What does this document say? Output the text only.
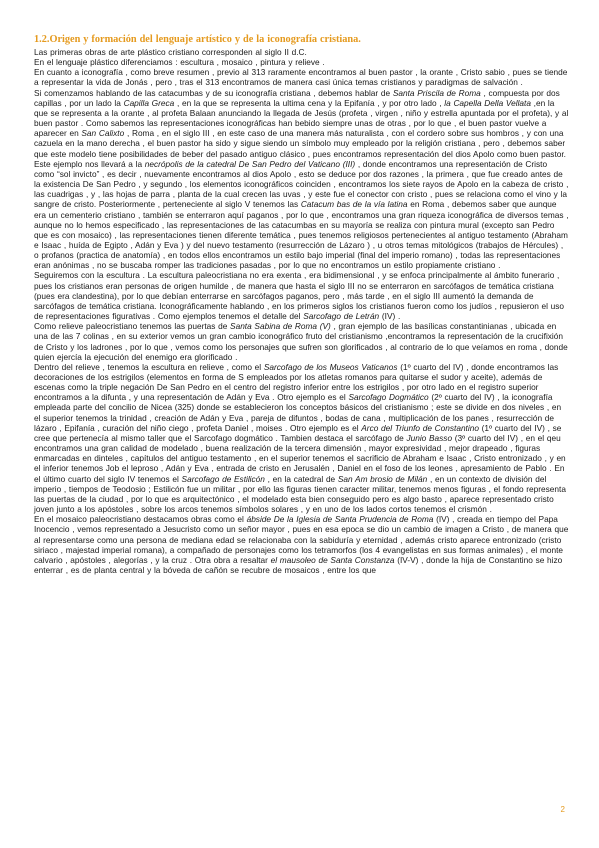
1.2.Origen y formación del lenguaje artístico y de la iconografía cristiana.

Las primeras obras de arte plástico cristiano corresponden al siglo II d.C.

En el lenguaje plástico diferenciamos : escultura , mosaico , pintura y relieve .

En cuanto a iconografía , como breve resumen , previo al 313 raramente encontramos al buen pastor , la orante , Cristo sabio , pues se tiende a representar la vida de Jonás , pero , tras el 313 encontramos de manera casi única temas cristianos y paradigmas de salvación .

Si comenzamos hablando de las catacumbas y de su iconografía cristiana , debemos hablar de Santa Priscila de Roma , compuesta por dos capillas , por un lado la Capilla Greca , en la que se representa la ultima cena y la Epifanía , y por otro lado , la Capella Della Vellata ,en la que se representa a la orante , al profeta Balaan anunciando la llegada de Jesús (profeta , virgen , niño y estrella apuntada por el profeta), y al buen pastor . Como sabemos las representaciones iconográficas han bebido siempre unas de otras , por lo que , el buen pastor vuelve a aparecer en San Calixto , Roma , en el siglo III , en este caso de una manera más naturalista , con el cordero sobre sus hombros , y con una cazuela en la mano derecha , el buen pastor ha sido y sigue siendo un símbolo muy empleado por la religión cristiana , pero , debemos saber que este modelo tiene posibilidades de beber del pasado antiguo clásico , pues encontramos representación del dios Apolo como buen pastor. Este ejemplo nos llevará a la necrópolis de la catedral De San Pedro del Vaticano (III) , donde encontramos una representación de Cristo como “sol invicto” , es decir , nuevamente encontramos al dios Apolo , esto se deduce por dos razones , la primera , que fue creado antes de la existencia De San Pedro , y segundo , los elementos iconográficos coinciden , encontramos los siete rayos de Apolo en la cabeza de cristo , las cuadrigas , y , las hojas de parra , planta de la cual crecen las uvas , y este fue el conector con cristo , pues se relaciona como el vino y la sangre de cristo. Posteriormente , perteneciente al siglo V tenemos las Catacum bas de la vía latina en Roma , debemos saber que aunque era un cementerio cristiano , también se enterraron aquí paganos , por lo que , encontramos una gran riqueza iconográfica de diversos temas , aunque no lo hemos especificado , las representaciones de las catacumbas en su mayoría se realiza con pintura mural (excepto san Pedro que es con mosaico) , las representaciones tienen diferente temática , pues tenemos religiosos pertenecientes al antiguo testamento (Abraham e Isaac , huída de Egipto , Adán y Eva ) y del nuevo testamento (resurrección de Lázaro ) , u otros temas mitológicos (trabajos de Hércules) , o profanos (practica de anatomía) , en todos ellos encontramos un estilo bajo imperial (final del imperio romano) , todas las representaciones eran anónimas , no se buscaba romper las tradiciones pasadas , por lo que no encontramos un estilo propiamente cristiano .

Seguiremos con la escultura . La escultura paleocristiana no era exenta , era bidimensional , y se enfoca principalmente al ámbito funerario , pues los cristianos eran personas de origen humilde , de manera que hasta el siglo III no se enterraron en sarcófagos de temática cristiana (pues era clandestina), por lo que debían enterrarse en sarcófagos paganos, pero , más tarde , en el siglo III aumentó la demanda de sarcófagos de temática cristiana. Iconográficamente hablando , en los primeros siglos los cristianos fueron como los judíos , repusieron el uso de representaciones figurativas . Como ejemplos tenemos el detalle del Sarcofago de Letrán (IV) .

Como relieve paleocristiano tenemos las puertas de Santa Sabina de Roma (V) , gran ejemplo de las basílicas constantinianas , ubicada en una de las 7 colinas , en su exterior vemos un gran cambio iconográfico fruto del cristianismo ,encontramos la representación de la crucifixión de Cristo y los ladrones , por lo que , vemos como los personajes que sufren son glorificados , al contrario de lo que veíamos en roma , donde quien ejercía la ejecución del enemigo era glorificado .

Dentro del relieve , tenemos la escultura en relieve , como el Sarcofago de los Museos Vaticanos (1º cuarto del IV) , donde encontramos las decoraciones de los estrigilos (elementos en forma de S empleados por los atletas romanos para quitarse el sudor y aceite), además de escenas como la triple negación De San Pedro en el centro del registro inferior entre los estrigilos , por otro lado en el registro superior encontramos a la difunta , y una representación de Adán y Eva . Otro ejemplo es el Sarcofago Dogmático (2º cuarto del IV) , la iconografía empleada parte del concilio de Nicea (325) donde se establecieron los conceptos básicos del cristianismo ; este se divide en dos niveles , en el superior tenemos la trinidad , creación de Adán y Eva , pareja de difuntos , bodas de cana , multiplicación de los panes , resurrección de lázaro , Epifanía , curación del niño ciego , profeta Daniel , moises . Otro ejemplo es el Arco del Triunfo de Constantino (1º cuarto del IV) , se cree que pertenecía al mismo taller que el Sarcofago dogmático . Tambien destaca el sarcófago de Junio Basso (3º cuarto del IV) , en el qeu encontramos una gran calidad de modelado , buena realización de la tercera dimensión , mayor expresividad , mejor drapeado , figuras enmarcadas en dinteles , capítulos del antiguo testamento , en el superior tenemos el sacrificio de Abraham e Isaac , Cristo entronizado , y en el inferior tenemos Job el leproso , Adán y Eva , entrada de cristo en Jerusalén , Daniel en el foso de los leones , apresamiento de Pablo . En el último cuarto del siglo IV tenemos el Sarcofago de Estilicón , en la catedral de San Am brosio de Milán , en un contexto de división del imperio , tiempos de Teodosio ; Estilicón fue un militar , por ello las figuras tienen caracter militar, tenemos menos figuras , el fondo representa las puertas de la ciudad , por lo que es arquitectónico , el modelado esta bien conseguido pero es algo basto , aparece representado cristo joven junto a los apóstoles , sobre los arcos tenemos símbolos solares , y en uno de los lados cortos tenemos el crismón .

En el mosaico paleocristiano destacamos obras como el ábside De la Iglesia de Santa Prudencia de Roma (IV) , creada en tiempo del Papa Inocencio , vemos representado a Jesucristo como un señor mayor , pues en esa epoca se dio un cambio de imagen a Cristo , de manera que al representarse como una persona de mediana edad se relacionaba con la sabiduría y eternidad , además cristo aparece entronizado (cristo siriaco , majestad imperial romana), a compañado de personajes como los tetramorfos (los 4 evangelistas en sus formas animales) , el monte calvario , apóstoles , alegorías , y la cruz . Otra obra a resaltar el mausoleo de Santa Constanza (IV-V) , donde la hija de Constantino se hizo enterrar , es de planta central y la bóveda de cañón se recubre de mosaicos , entre los que

2
